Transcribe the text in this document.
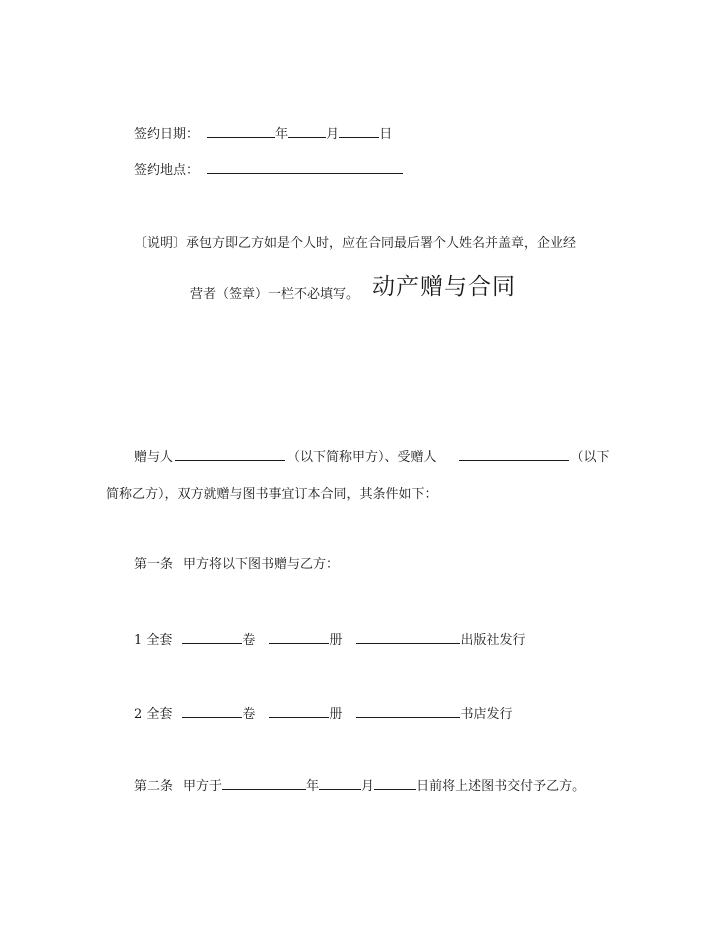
签约日期：	年	月	日
签约地点：
〔说明〕承包方即乙方如是个人时，应在合同最后署个人姓名并盖章，企业经
营者（签章）一栏不必填写。 动产赠与合同
赠与人	（以下简称甲方）、受赠人	（以下
简称乙方），双方就赠与图书事宜订本合同，其条件如下：
第一条 甲方将以下图书赠与乙方：
1 全套	卷	册	出版社发行
2 全套	卷	册	书店发行
第二条 甲方于	年	月	日前将上述图书交付予乙方。
